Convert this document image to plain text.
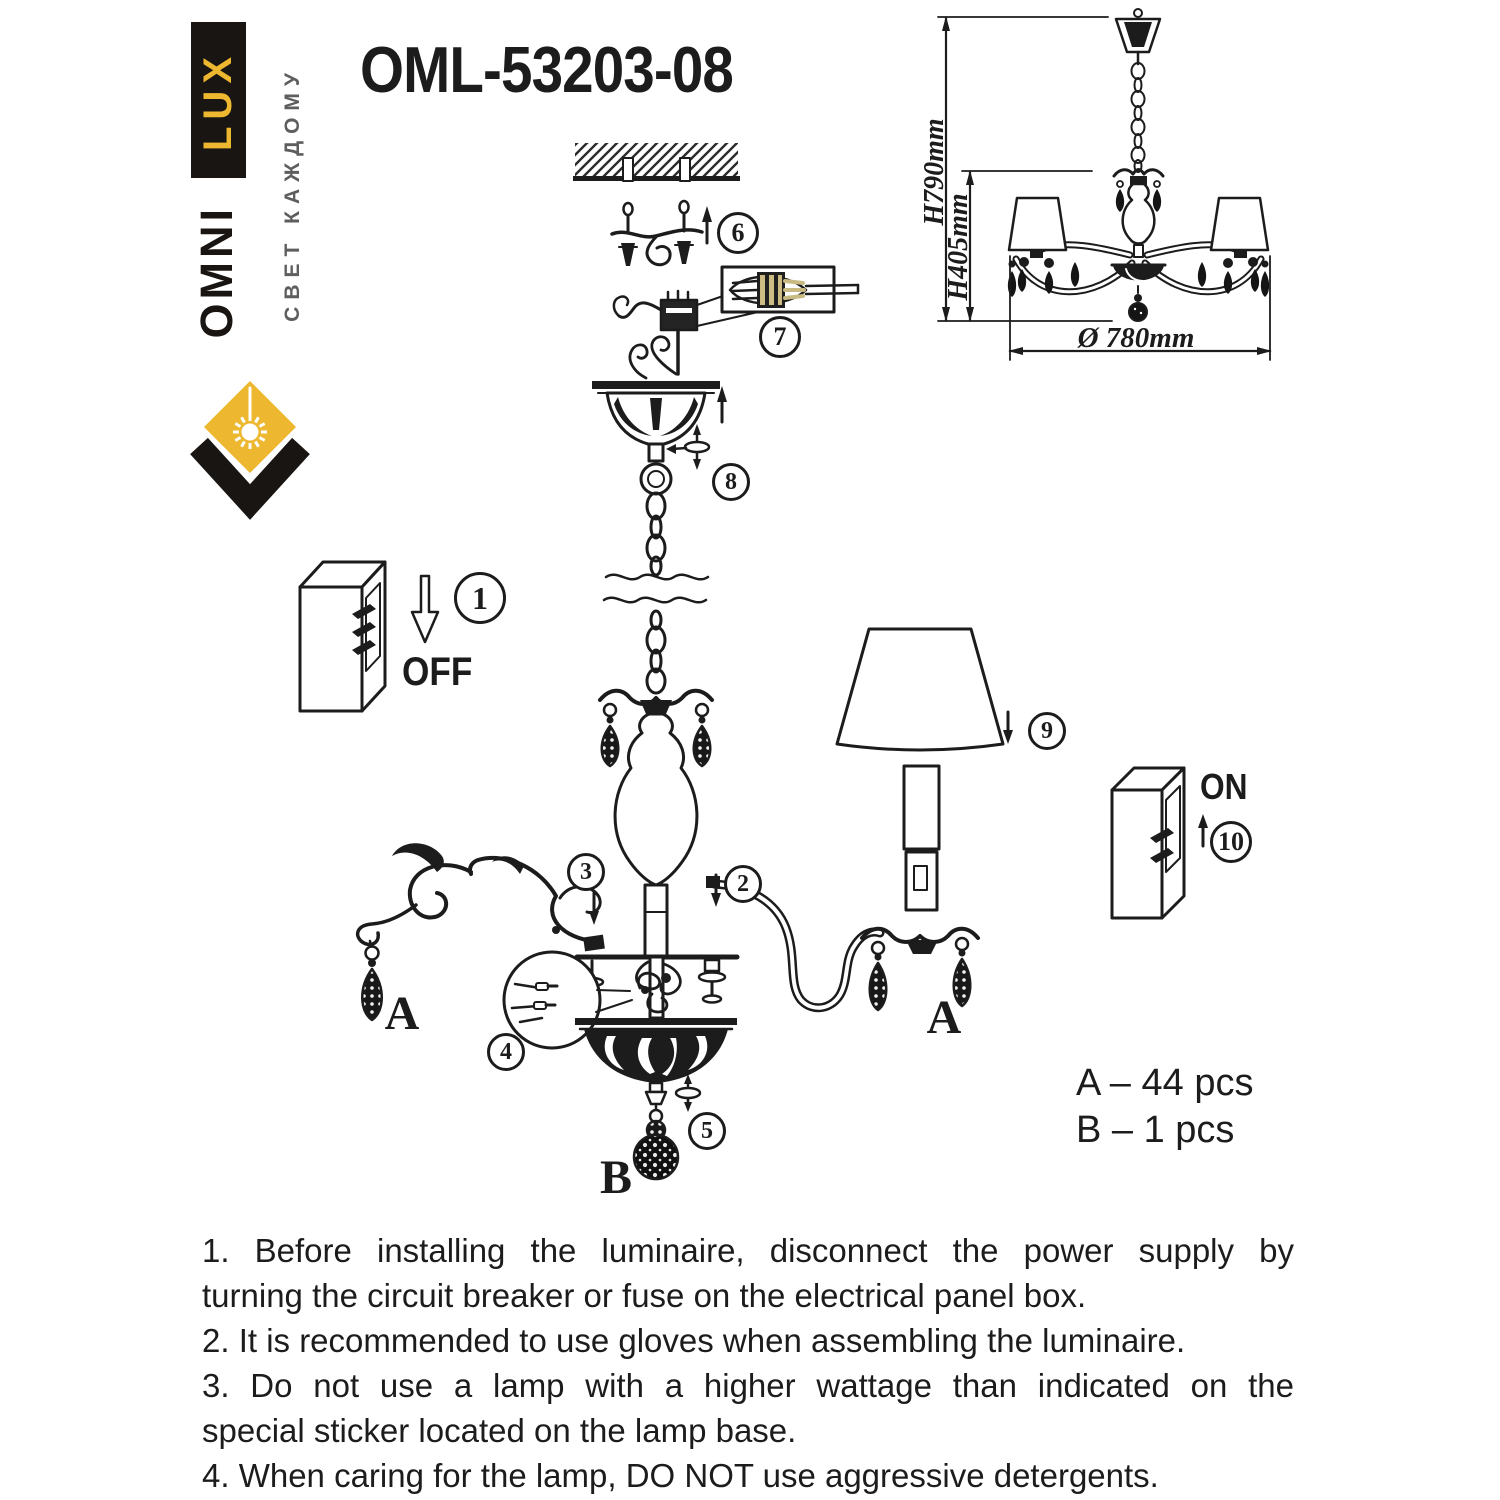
LUX
OMNI СВЕТ КАЖДОМУ OML-53203-08
H790mm
H405mm
Ø 780mm
OFF
ON
1
2
3
4
5
6
7
8
9
10
A	A
B
A – 44 pcs
B – 1 pcs
1. Before installing the luminaire, disconnect the power supply by
turning the circuit breaker or fuse on the electrical panel box.
2. It is recommended to use gloves when assembling the luminaire.
3. Do not use a lamp with a higher wattage than indicated on the
special sticker located on the lamp base.
4. When caring for the lamp, DO NOT use aggressive detergents.
